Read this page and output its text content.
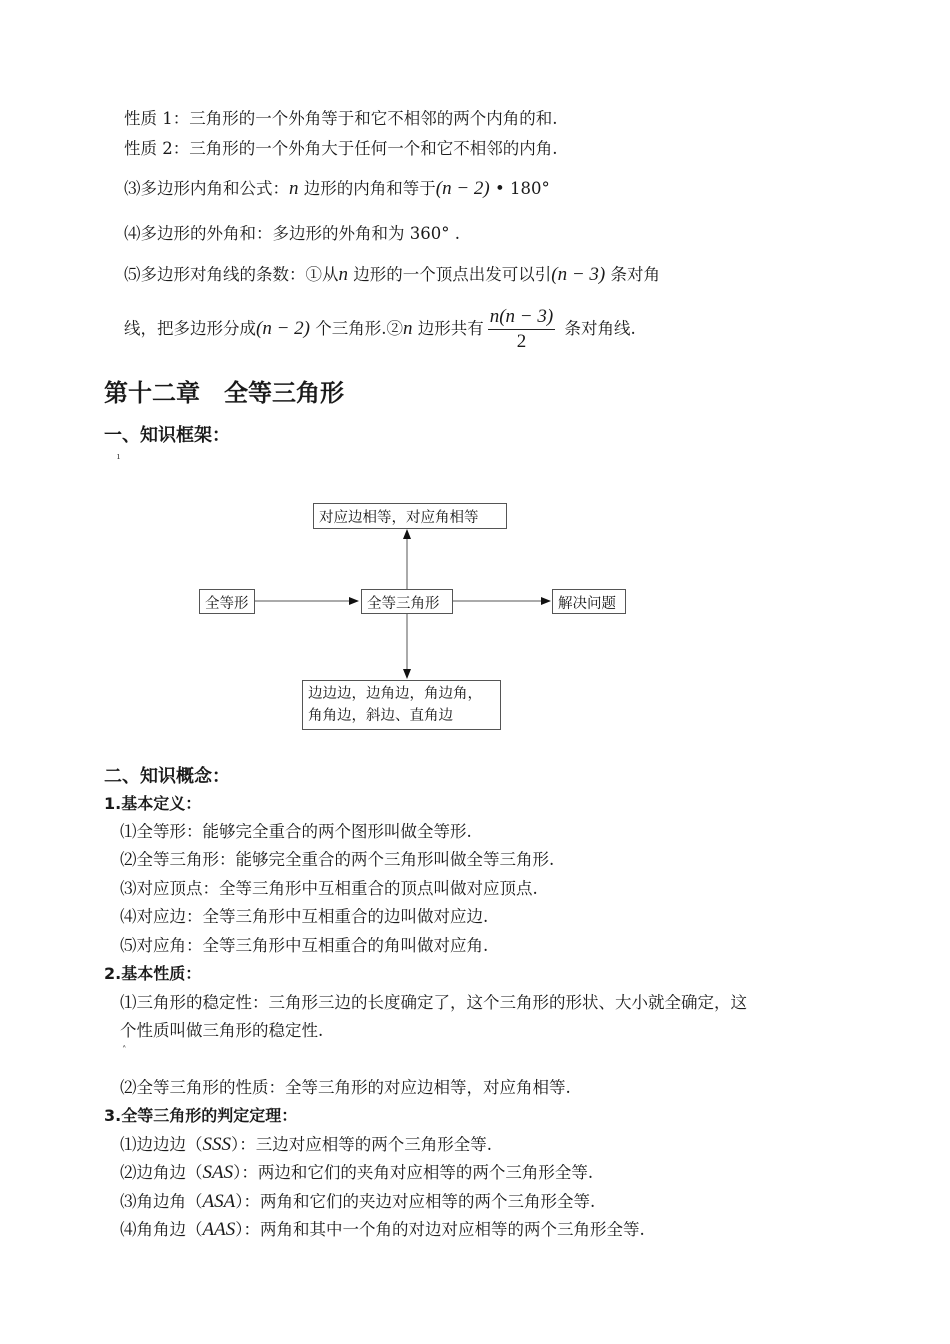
性质 1：三角形的一个外角等于和它不相邻的两个内角的和.
性质 2：三角形的一个外角大于任何一个和它不相邻的内角.
⑶多边形内角和公式：n 边形的内角和等于(n − 2) • 180°
⑷多边形的外角和：多边形的外角和为 360° .
⑸多边形对角线的条数：①从n 边形的一个顶点出发可以引(n − 3) 条对角
线，把多边形分成(n − 2) 个三角形.②n 边形共有 $\frac{n(n - 3)}{2}$ 条对角线.
第十二章　全等三角形
一、知识框架：
ı
对应边相等，对应角相等
全等形	全等三角形	解决问题
边边边，边角边，角边角，
角角边，斜边、直角边
二、知识概念：
1.基本定义：
⑴全等形：能够完全重合的两个图形叫做全等形.
⑵全等三角形：能够完全重合的两个三角形叫做全等三角形.
⑶对应顶点：全等三角形中互相重合的顶点叫做对应顶点.
⑷对应边：全等三角形中互相重合的边叫做对应边.
⑸对应角：全等三角形中互相重合的角叫做对应角.
2.基本性质：
⑴三角形的稳定性：三角形三边的长度确定了，这个三角形的形状、大小就全确定，这
个性质叫做三角形的稳定性.
˄
⑵全等三角形的性质：全等三角形的对应边相等，对应角相等.
3.全等三角形的判定定理：
⑴边边边（SSS）：三边对应相等的两个三角形全等.
⑵边角边（SAS）：两边和它们的夹角对应相等的两个三角形全等.
⑶角边角（ASA）：两角和它们的夹边对应相等的两个三角形全等.
⑷角角边（AAS）：两角和其中一个角的对边对应相等的两个三角形全等.
